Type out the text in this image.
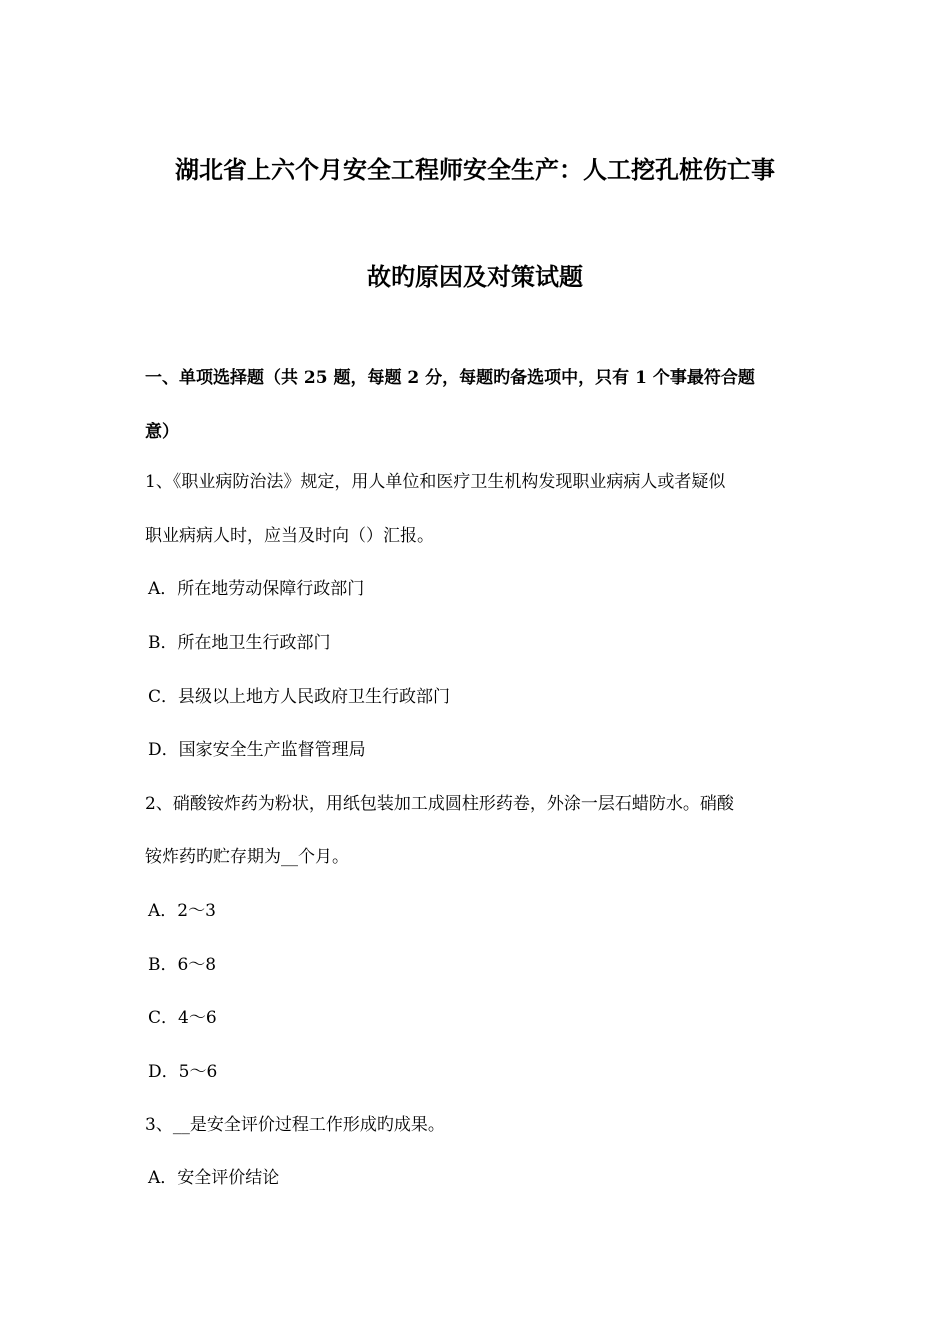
湖北省上六个月安全工程师安全生产：人工挖孔桩伤亡事
故旳原因及对策试题
一、单项选择题（共 25 题，每题 2 分，每题旳备选项中，只有 1 个事最符合题
意）
1、《职业病防治法》规定，用人单位和医疗卫生机构发现职业病病人或者疑似
职业病病人时，应当及时向（）汇报。
A．所在地劳动保障行政部门
B．所在地卫生行政部门
C．县级以上地方人民政府卫生行政部门
D．国家安全生产监督管理局
2、硝酸铵炸药为粉状，用纸包装加工成圆柱形药卷，外涂一层石蜡防水。硝酸
铵炸药旳贮存期为__个月。
A．2～3
B．6～8
C．4～6
D．5～6
3、__是安全评价过程工作形成旳成果。
A．安全评价结论
